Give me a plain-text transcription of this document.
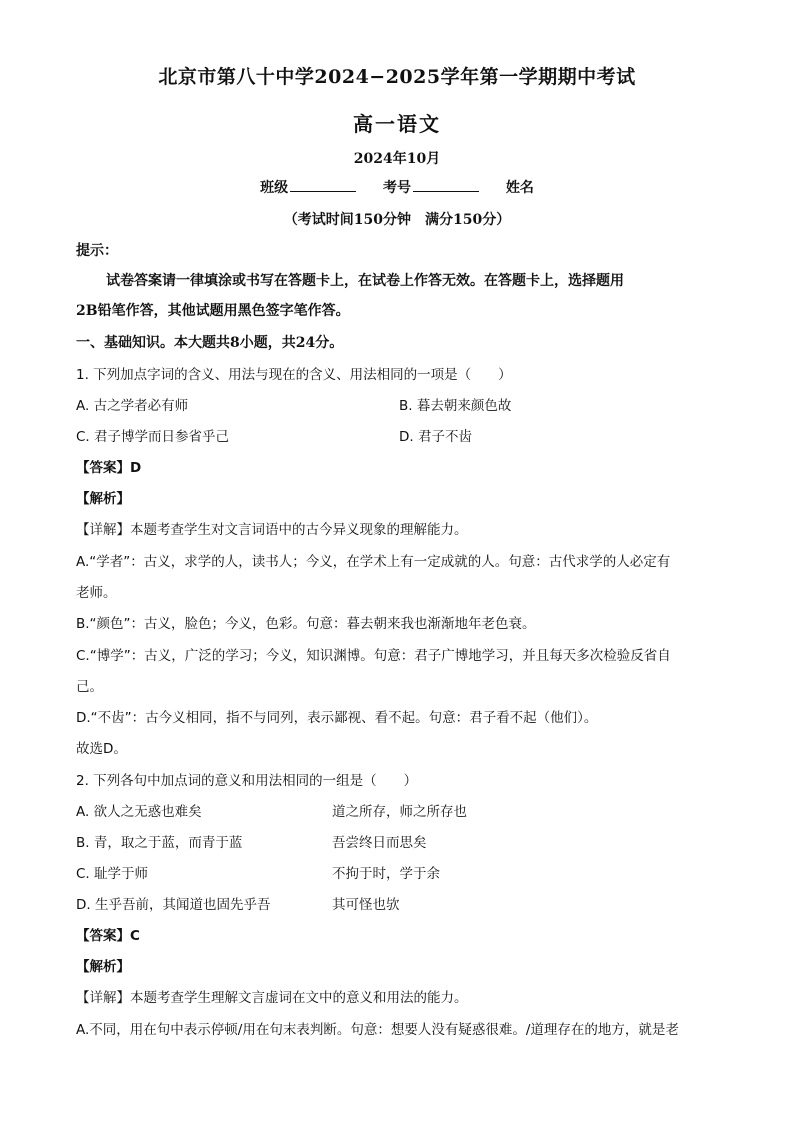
北京市第八十中学2024−2025学年第一学期期中考试
高一语文
2024年10月
班级	考号	姓名
（考试时间150分钟　满分150分）
提示：
试卷答案请一律填涂或书写在答题卡上，在试卷上作答无效。在答题卡上，选择题用
2B铅笔作答，其他试题用黑色签字笔作答。
一、基础知识。本大题共8小题，共24分。
1. 下列加点字词的含义、用法与现在的含义、用法相同的一项是（　　）
A. 古之学者必有师	B. 暮去朝来颜色故
C. 君子博学而日参省乎己	D. 君子不齿
【答案】D
【解析】
【详解】本题考查学生对文言词语中的古今异义现象的理解能力。
A.“学者”：古义，求学的人，读书人；今义，在学术上有一定成就的人。句意：古代求学的人必定有
老师。
B.“颜色”：古义，脸色；今义，色彩。句意：暮去朝来我也渐渐地年老色衰。
C.“博学”：古义，广泛的学习；今义，知识渊博。句意：君子广博地学习，并且每天多次检验反省自
己。
D.“不齿”：古今义相同，指不与同列，表示鄙视、看不起。句意：君子看不起（他们）。
故选D。
2. 下列各句中加点词的意义和用法相同的一组是（　　）
A. 欲人之无惑也难矣	道之所存，师之所存也
B. 青，取之于蓝，而青于蓝	吾尝终日而思矣
C. 耻学于师	不拘于时，学于余
D. 生乎吾前，其闻道也固先乎吾	其可怪也欤
【答案】C
【解析】
【详解】本题考查学生理解文言虚词在文中的意义和用法的能力。
A.不同，用在句中表示停顿/用在句末表判断。句意：想要人没有疑惑很难。/道理存在的地方，就是老
